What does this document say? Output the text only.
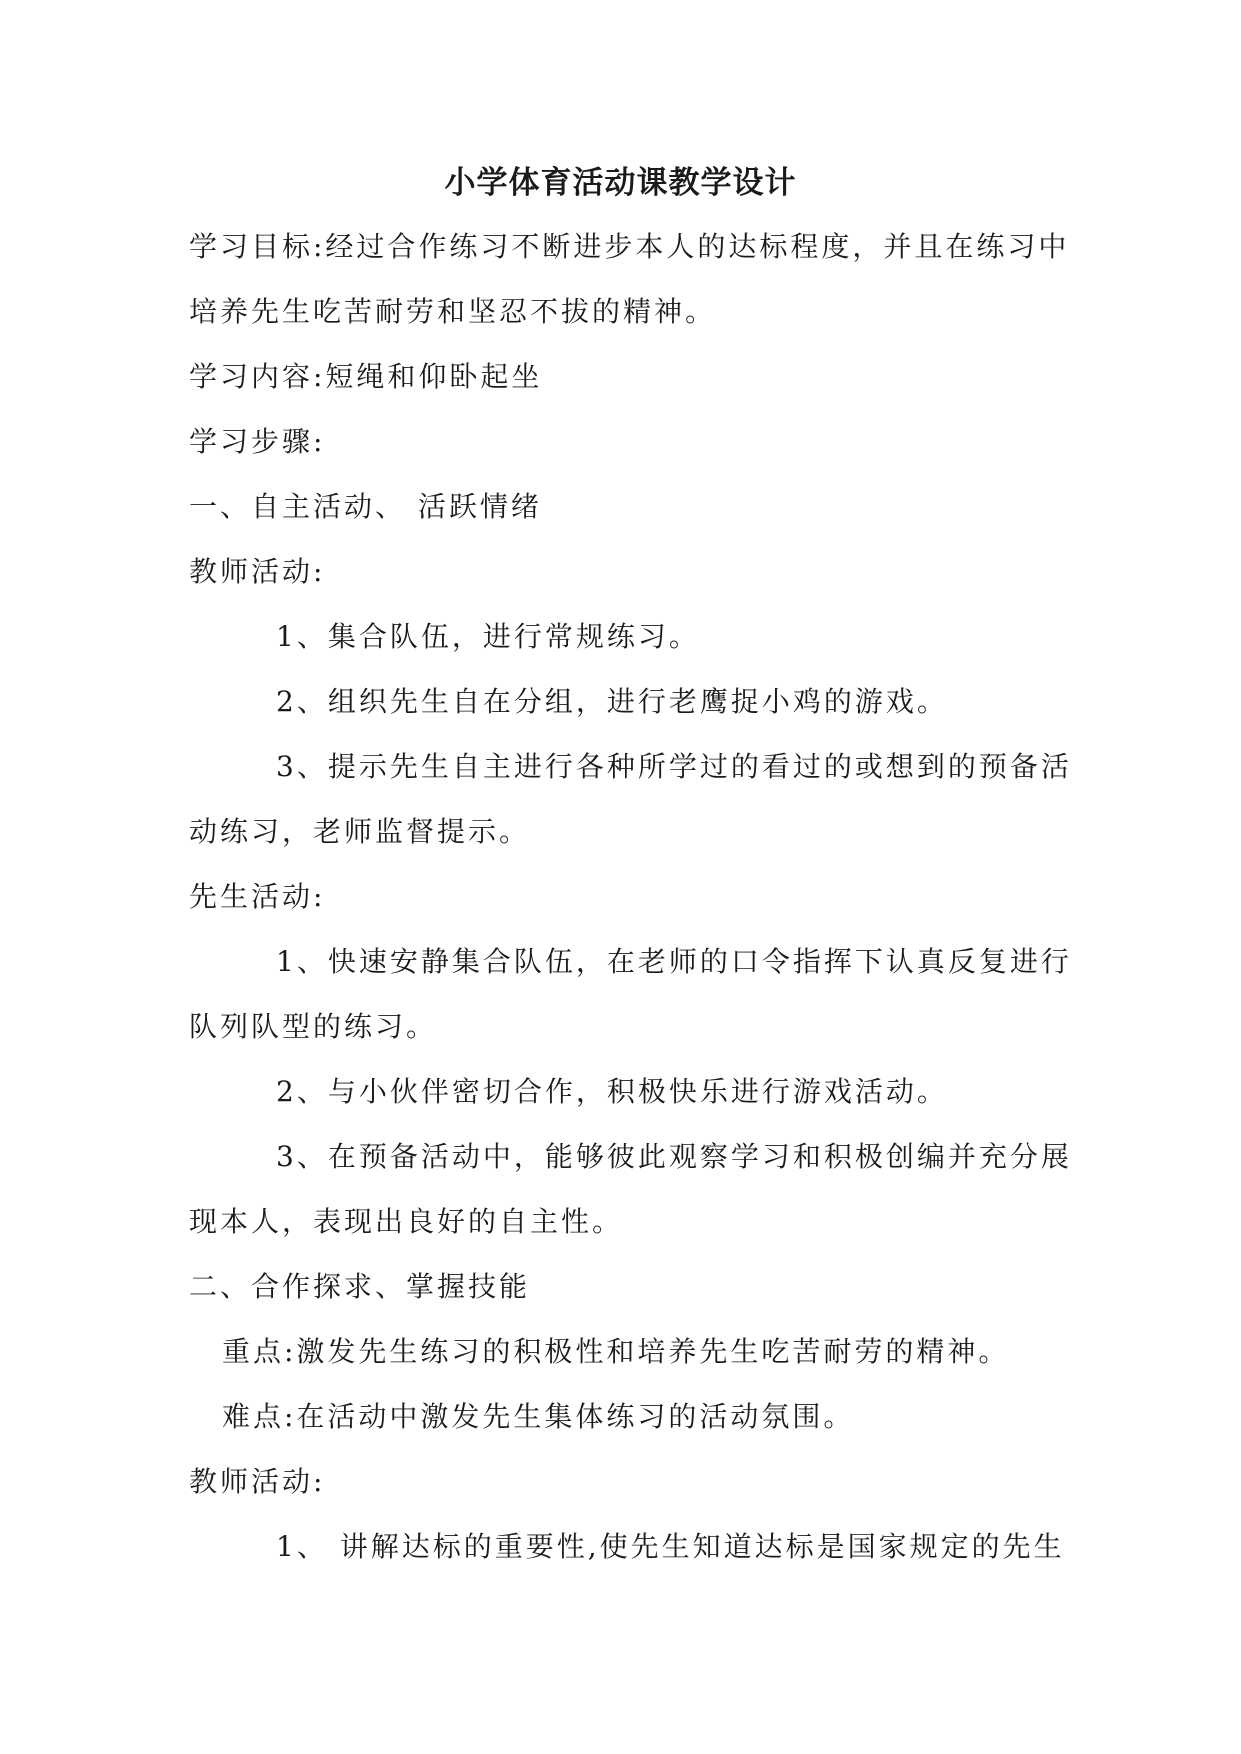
小学体育活动课教学设计
学习目标:经过合作练习不断进步本人的达标程度，并且在练习中
培养先生吃苦耐劳和坚忍不拔的精神。
学习内容:短绳和仰卧起坐
学习步骤:
一、自主活动、 活跃情绪
教师活动:
1、集合队伍，进行常规练习。
2、组织先生自在分组，进行老鹰捉小鸡的游戏。
3、提示先生自主进行各种所学过的看过的或想到的预备活
动练习，老师监督提示。
先生活动:
1、快速安静集合队伍，在老师的口令指挥下认真反复进行
队列队型的练习。
2、与小伙伴密切合作，积极快乐进行游戏活动。
3、在预备活动中，能够彼此观察学习和积极创编并充分展
现本人，表现出良好的自主性。
二、合作探求、掌握技能
重点:激发先生练习的积极性和培养先生吃苦耐劳的精神。
难点:在活动中激发先生集体练习的活动氛围。
教师活动:
1、 讲解达标的重要性,使先生知道达标是国家规定的先生
